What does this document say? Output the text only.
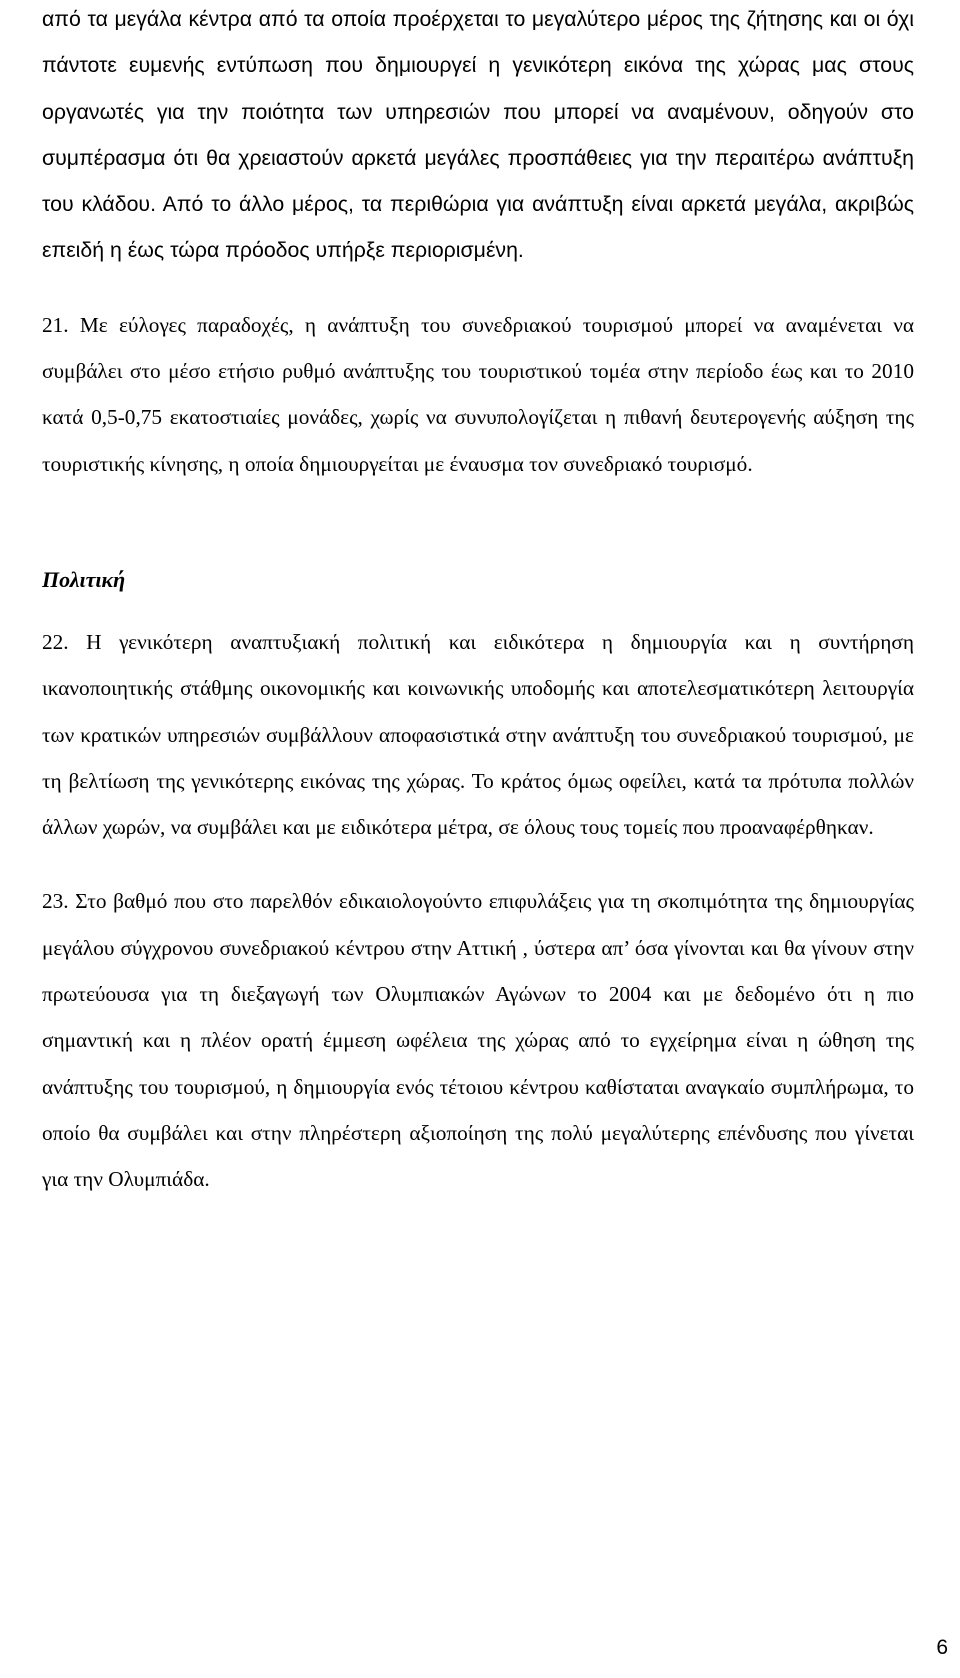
από τα μεγάλα κέντρα από τα οποία προέρχεται το μεγαλύτερο μέρος της ζήτησης και οι όχι πάντοτε ευμενής εντύπωση που δημιουργεί η γενικότερη εικόνα της χώρας μας στους οργανωτές για την ποιότητα των υπηρεσιών που μπορεί να αναμένουν, οδηγούν στο συμπέρασμα ότι θα χρειαστούν αρκετά μεγάλες προσπάθειες για την περαιτέρω ανάπτυξη του κλάδου. Από το άλλο μέρος, τα περιθώρια για ανάπτυξη είναι αρκετά μεγάλα, ακριβώς επειδή η έως τώρα πρόοδος υπήρξε περιορισμένη.

21. Με εύλογες παραδοχές, η ανάπτυξη του συνεδριακού τουρισμού μπορεί να αναμένεται να συμβάλει στο μέσο ετήσιο ρυθμό ανάπτυξης του τουριστικού τομέα στην περίοδο έως και το 2010 κατά 0,5-0,75 εκατοστιαίες μονάδες, χωρίς να συνυπολογίζεται η πιθανή δευτερογενής αύξηση της τουριστικής κίνησης, η οποία δημιουργείται με έναυσμα τον συνεδριακό τουρισμό.

Πολιτική

22. Η γενικότερη αναπτυξιακή πολιτική και ειδικότερα η δημιουργία και η συντήρηση ικανοποιητικής στάθμης οικονομικής και κοινωνικής υποδομής και αποτελεσματικότερη λειτουργία των κρατικών υπηρεσιών συμβάλλουν αποφασιστικά στην ανάπτυξη του συνεδριακού τουρισμού, με τη βελτίωση της γενικότερης εικόνας της χώρας. Το κράτος όμως οφείλει, κατά τα πρότυπα πολλών άλλων χωρών, να συμβάλει και με ειδικότερα μέτρα, σε όλους τους τομείς που προαναφέρθηκαν.

23. Στο βαθμό που στο παρελθόν εδικαιολογούντο επιφυλάξεις για τη σκοπιμότητα της δημιουργίας μεγάλου σύγχρονου συνεδριακού κέντρου στην Αττική , ύστερα απ’ όσα γίνονται και θα γίνουν στην πρωτεύουσα για τη διεξαγωγή των Ολυμπιακών Αγώνων το 2004 και με δεδομένο ότι η πιο σημαντική και η πλέον ορατή έμμεση ωφέλεια της χώρας από το εγχείρημα είναι η ώθηση της ανάπτυξης του τουρισμού, η δημιουργία ενός τέτοιου κέντρου καθίσταται αναγκαίο συμπλήρωμα, το οποίο θα συμβάλει και στην πληρέστερη αξιοποίηση της πολύ μεγαλύτερης επένδυσης που γίνεται για την Ολυμπιάδα.

6
